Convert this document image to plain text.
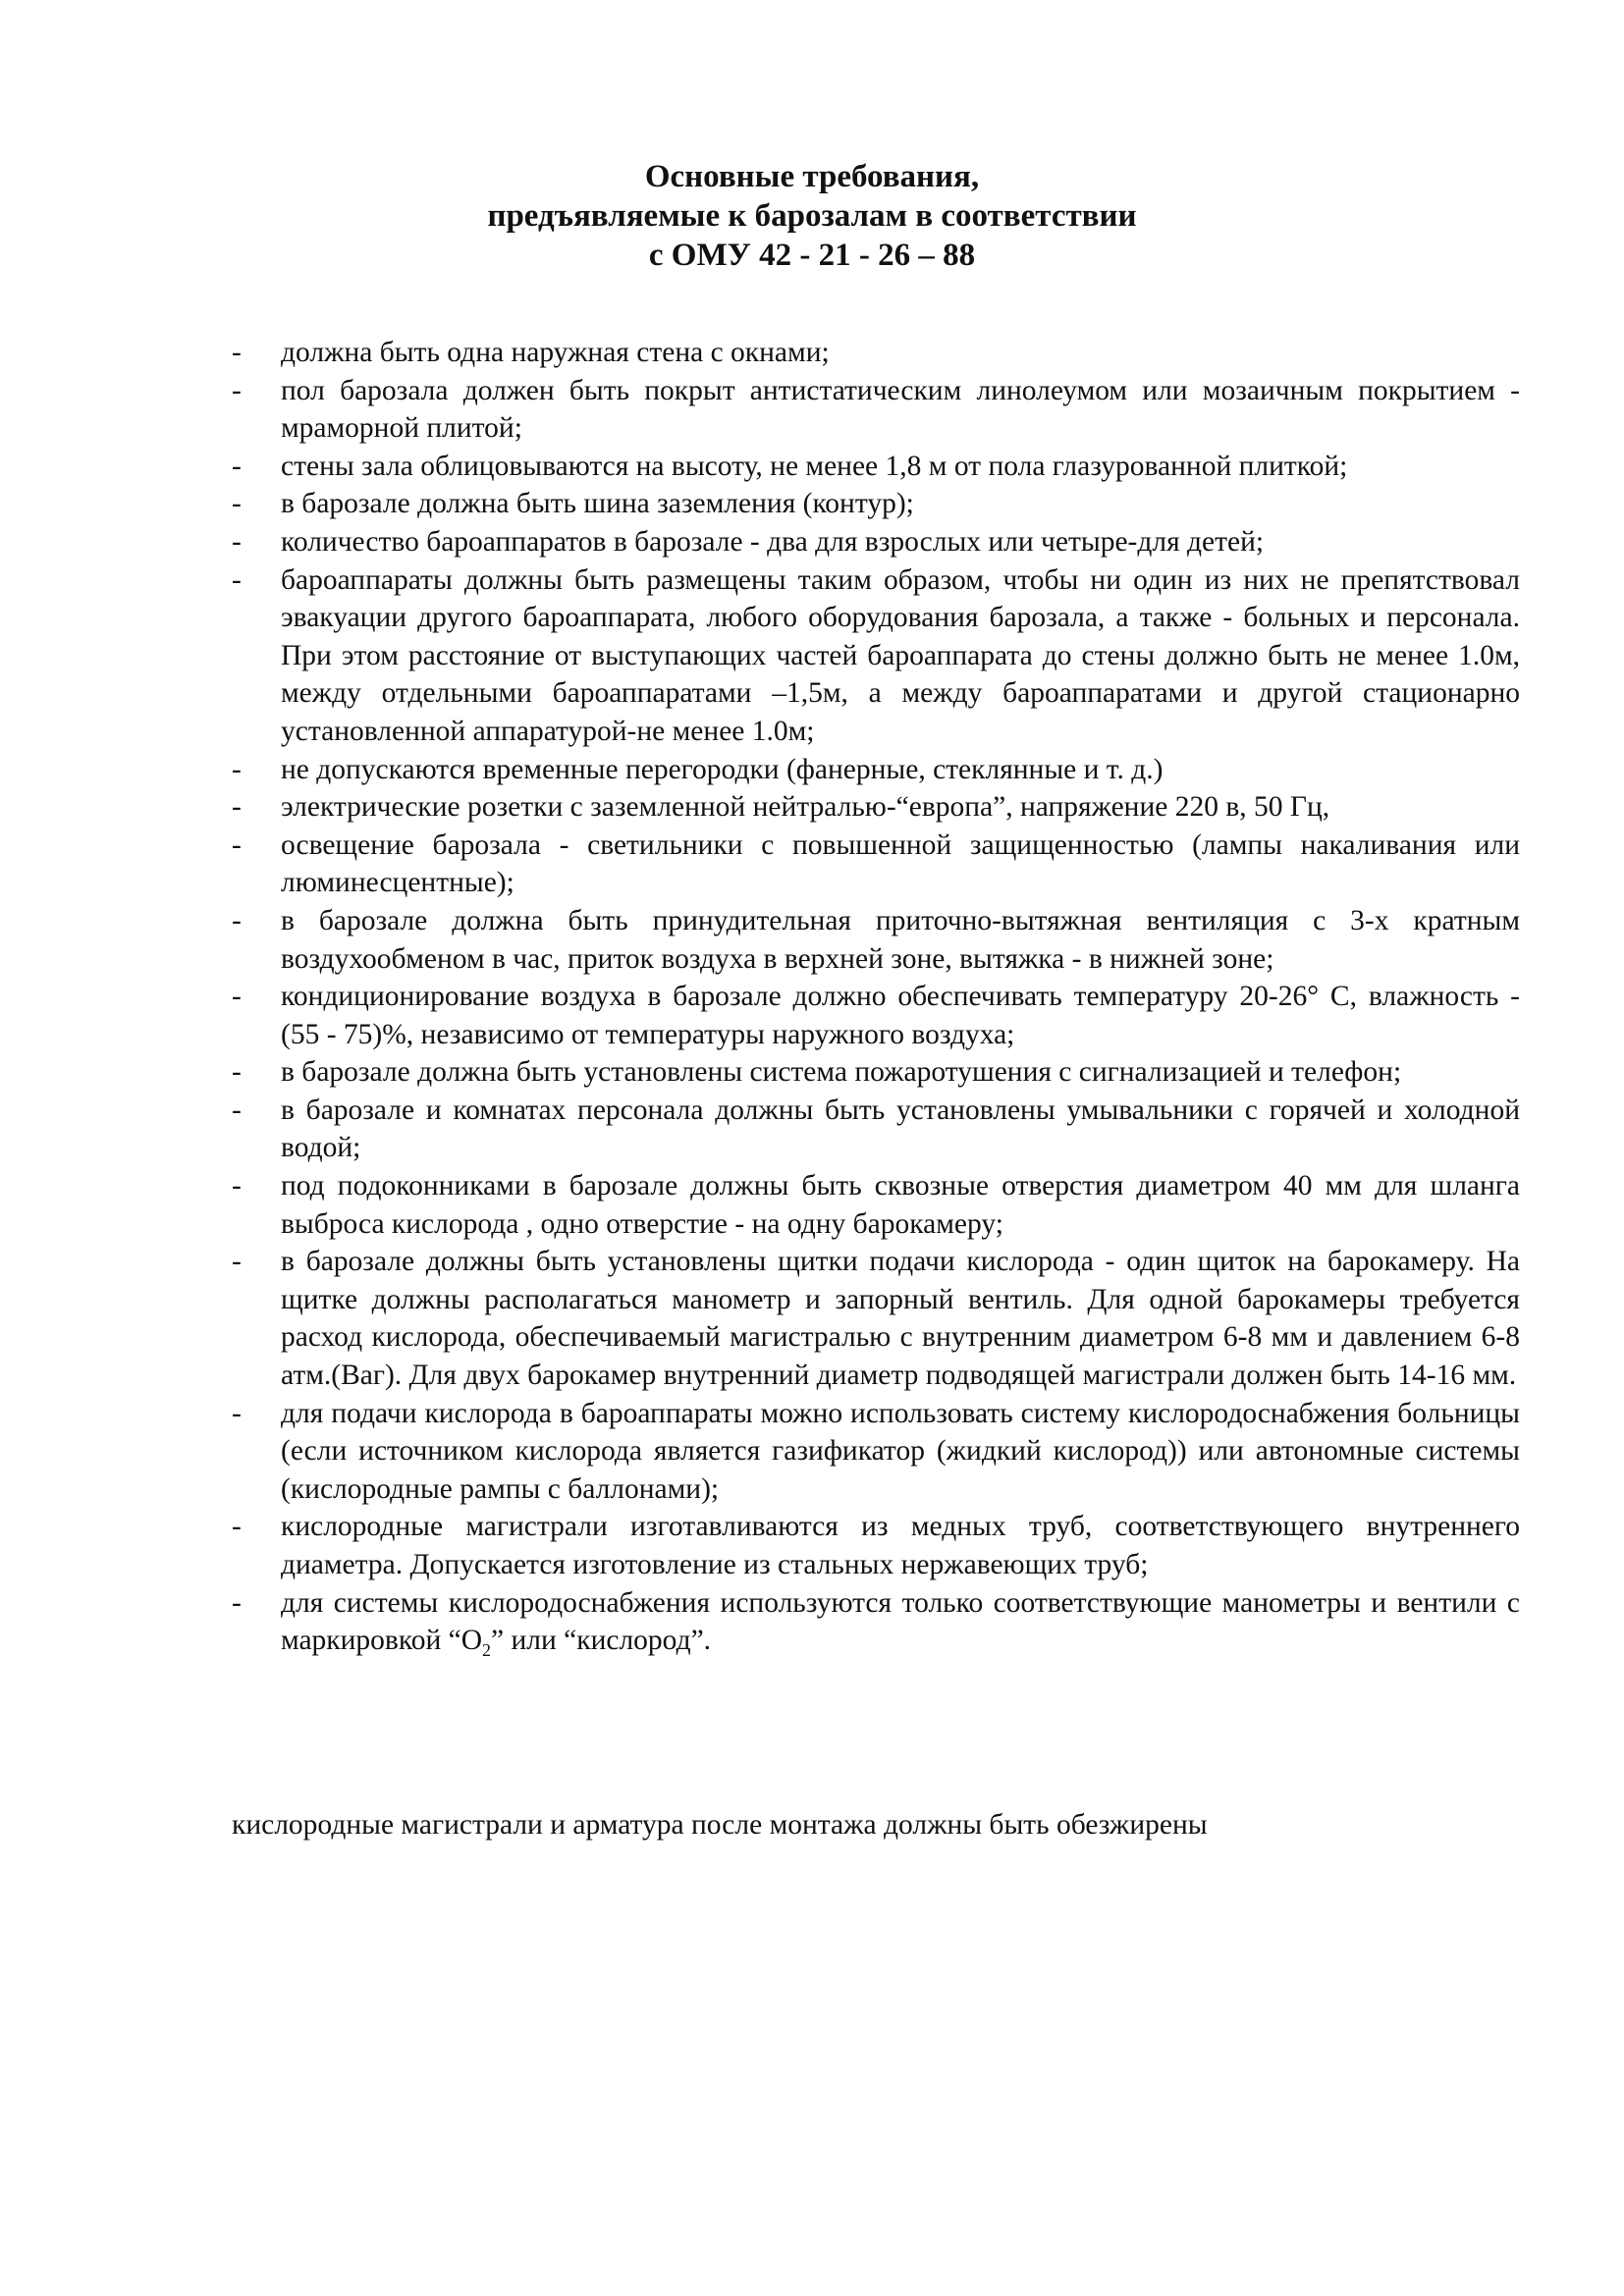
Основные требования,
предъявляемые к барозалам в соответствии
с ОМУ 42 - 21 - 26 – 88
- должна быть одна наружная стена с окнами;
- пол барозала должен быть покрыт антистатическим линолеумом или мозаичным покрытием - мраморной плитой;
- стены зала облицовываются на высоту, не менее 1,8 м от пола глазурованной плиткой;
- в барозале должна быть шина заземления (контур);
- количество бароаппаратов в барозале - два для взрослых или четыре-для детей;
- бароаппараты должны быть размещены таким образом, чтобы ни один из них не препятствовал эвакуации другого бароаппарата, любого оборудования барозала, а также - больных и персонала. При этом расстояние от выступающих частей бароаппарата до стены должно быть не менее 1.0м, между отдельными бароаппаратами –1,5м, а между бароаппаратами и другой стационарно установленной аппаратурой-не менее 1.0м;
- не допускаются временные перегородки (фанерные, стеклянные и т. д.)
- электрические розетки с заземленной нейтралью-“европа”, напряжение 220 в, 50 Гц,
- освещение барозала - светильники с повышенной защищенностью (лампы накаливания или люминесцентные);
- в барозале должна быть принудительная приточно-вытяжная вентиляция с 3-х кратным воздухообменом в час, приток воздуха в верхней зоне, вытяжка - в нижней зоне;
- кондиционирование воздуха в барозале должно обеспечивать температуру 20-26° С, влажность - (55 - 75)%, независимо от температуры наружного воздуха;
- в барозале должна быть установлены система пожаротушения с сигнализацией и телефон;
- в барозале и комнатах персонала должны быть установлены умывальники с горячей и холодной водой;
- под подоконниками в барозале должны быть сквозные отверстия диаметром 40 мм для шланга выброса кислорода , одно отверстие - на одну барокамеру;
- в барозале должны быть установлены щитки подачи кислорода - один щиток на барокамеру. На щитке должны располагаться манометр и запорный вентиль. Для одной барокамеры требуется расход кислорода, обеспечиваемый магистралью с внутренним диаметром 6-8 мм и давлением 6-8 атм.(Ваг). Для двух барокамер внутренний диаметр подводящей магистрали должен быть 14-16 мм.
- для подачи кислорода в бароаппараты можно использовать систему кислородоснабжения больницы (если источником кислорода является газификатор (жидкий кислород)) или автономные системы (кислородные рампы с баллонами);
- кислородные магистрали изготавливаются из медных труб, соответствующего внутреннего диаметра. Допускается изготовление из стальных нержавеющих труб;
- для системы кислородоснабжения используются только соответствующие манометры и вентили с маркировкой “$О_2$” или “кислород”.
кислородные магистрали и арматура после монтажа должны быть обезжирены
